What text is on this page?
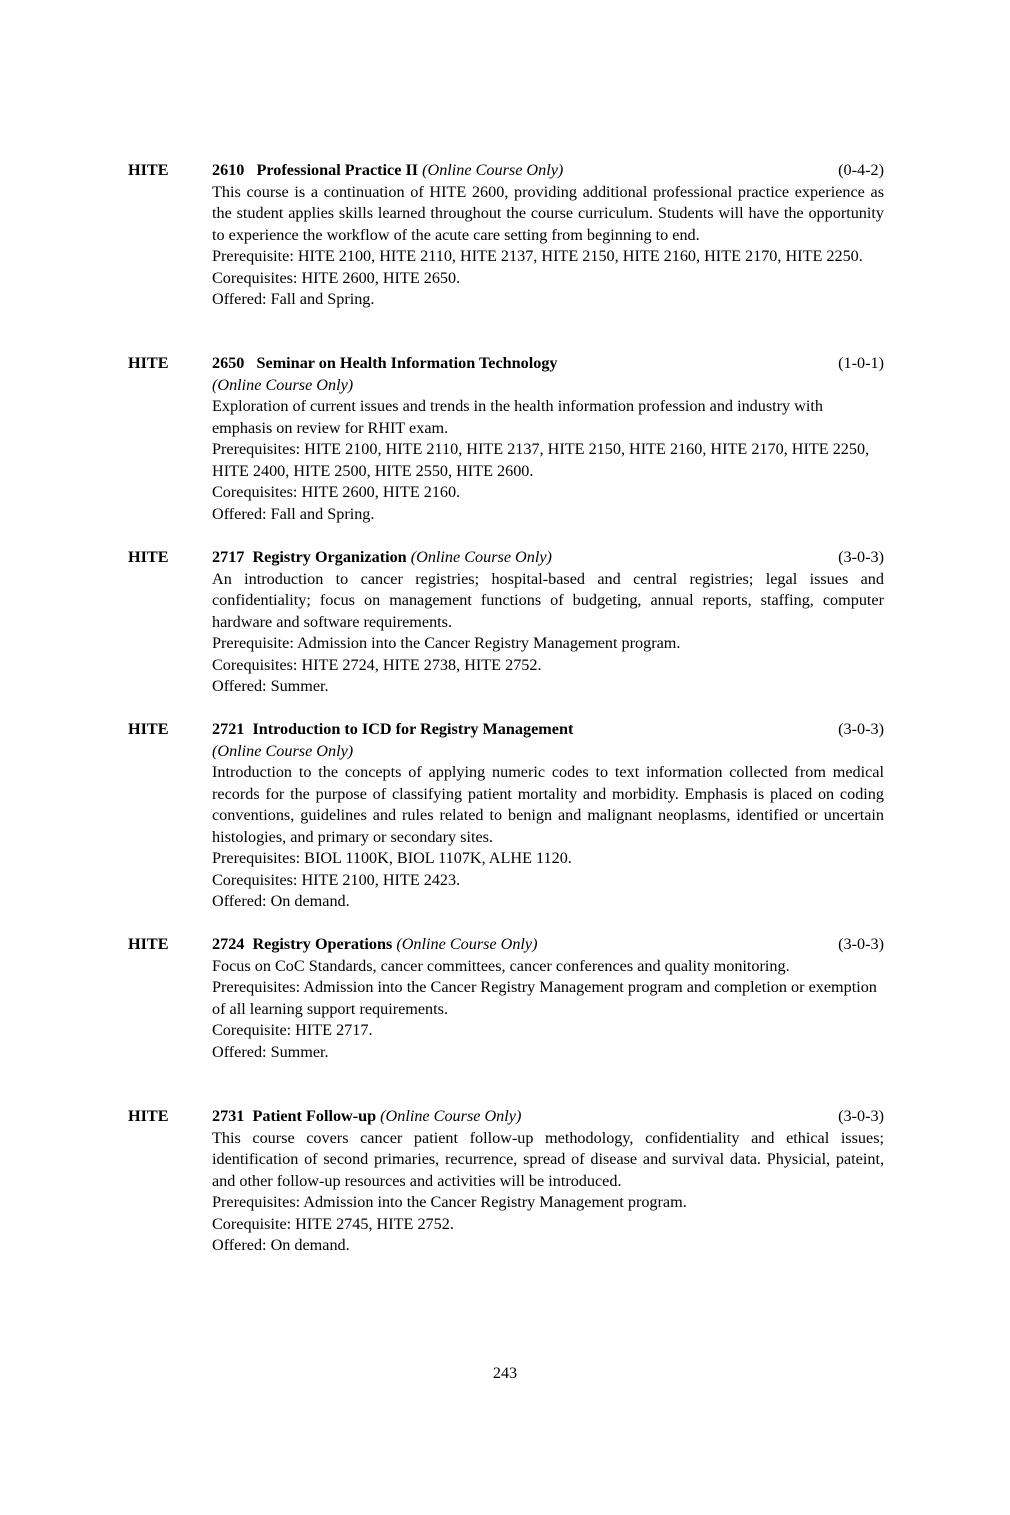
HITE	2610 Professional Practice II (Online Course Only)	(0-4-2)
This course is a continuation of HITE 2600, providing additional professional practice experience as the student applies skills learned throughout the course curriculum. Students will have the opportunity to experience the workflow of the acute care setting from beginning to end.
Prerequisite: HITE 2100, HITE 2110, HITE 2137, HITE 2150, HITE 2160, HITE 2170, HITE 2250.
Corequisites: HITE 2600, HITE 2650.
Offered: Fall and Spring.
HITE	2650 Seminar on Health Information Technology	(1-0-1)
(Online Course Only)
Exploration of current issues and trends in the health information profession and industry with emphasis on review for RHIT exam.
Prerequisites: HITE 2100, HITE 2110, HITE 2137, HITE 2150, HITE 2160, HITE 2170, HITE 2250, HITE 2400, HITE 2500, HITE 2550, HITE 2600.
Corequisites: HITE 2600, HITE 2160.
Offered: Fall and Spring.
HITE	2717 Registry Organization (Online Course Only)	(3-0-3)
An introduction to cancer registries; hospital-based and central registries; legal issues and confidentiality; focus on management functions of budgeting, annual reports, staffing, computer hardware and software requirements.
Prerequisite: Admission into the Cancer Registry Management program.
Corequisites: HITE 2724, HITE 2738, HITE 2752.
Offered: Summer.
HITE	2721 Introduction to ICD for Registry Management	(3-0-3)
(Online Course Only)
Introduction to the concepts of applying numeric codes to text information collected from medical records for the purpose of classifying patient mortality and morbidity. Emphasis is placed on coding conventions, guidelines and rules related to benign and malignant neoplasms, identified or uncertain histologies, and primary or secondary sites.
Prerequisites: BIOL 1100K, BIOL 1107K, ALHE 1120.
Corequisites: HITE 2100, HITE 2423.
Offered: On demand.
HITE	2724 Registry Operations (Online Course Only)	(3-0-3)
Focus on CoC Standards, cancer committees, cancer conferences and quality monitoring.
Prerequisites: Admission into the Cancer Registry Management program and completion or exemption of all learning support requirements.
Corequisite: HITE 2717.
Offered: Summer.
HITE	2731 Patient Follow-up (Online Course Only)	(3-0-3)
This course covers cancer patient follow-up methodology, confidentiality and ethical issues; identification of second primaries, recurrence, spread of disease and survival data. Physicial, pateint, and other follow-up resources and activities will be introduced.
Prerequisites: Admission into the Cancer Registry Management program.
Corequisite: HITE 2745, HITE 2752.
Offered: On demand.
243
